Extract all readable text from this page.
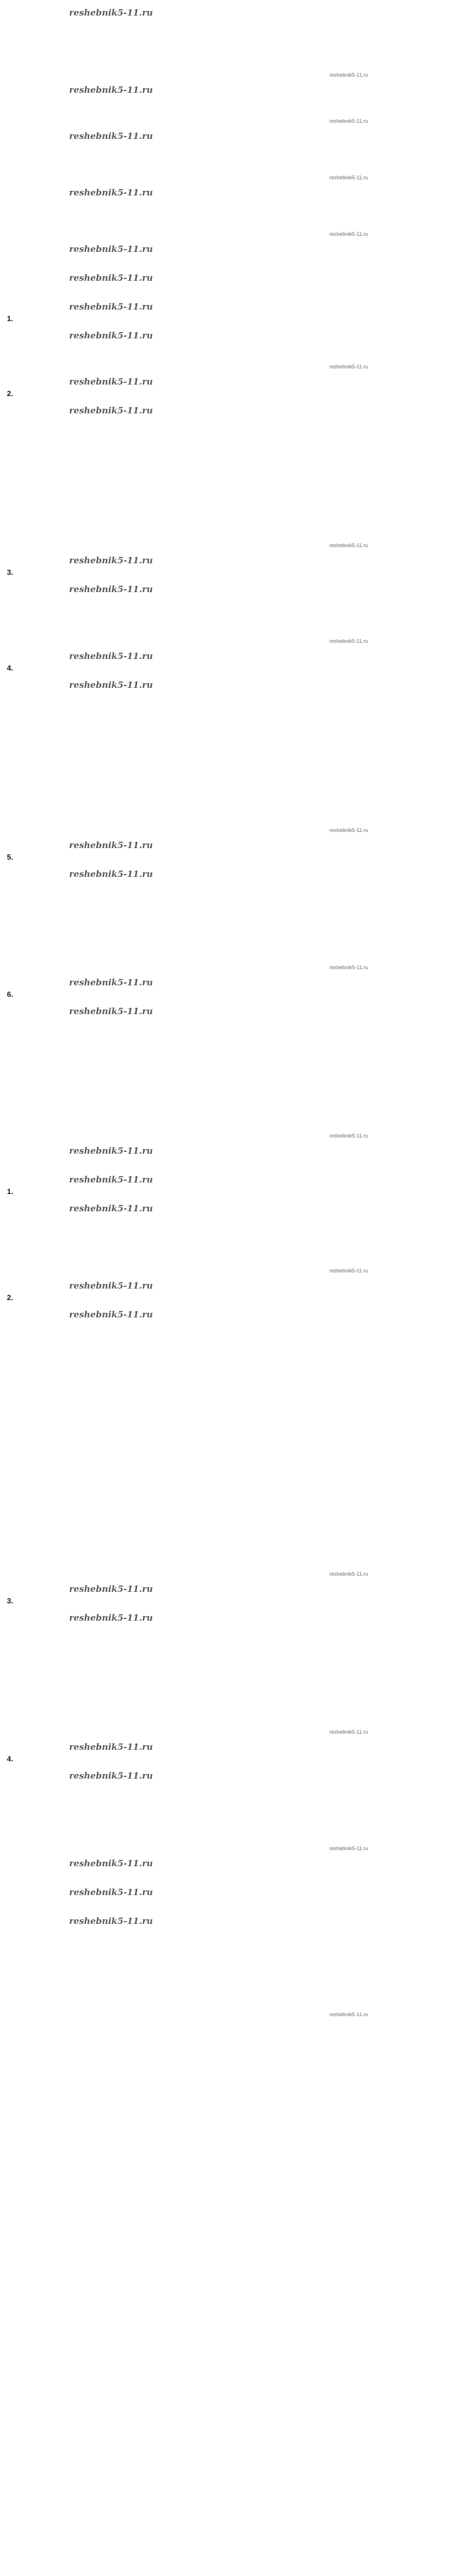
reshebnik5-11.ru
reshebnik5-11.ru
reshebnik5-11.ru
reshebnik5-11.ru
reshebnik5-11.ru
reshebnik5-11.ru
reshebnik5-11.ru
reshebnik5-11.ru
reshebnik5-11.ru
reshebnik5-11.ru
reshebnik5-11.ru
1.
reshebnik5-11.ru
reshebnik5-11.ru
reshebnik5-11.ru
2.
reshebnik5-11.ru
reshebnik5-11.ru
reshebnik5-11.ru
3.
reshebnik5-11.ru
reshebnik5-11.ru
reshebnik5-11.ru
4.
reshebnik5-11.ru
reshebnik5-11.ru
reshebnik5-11.ru
5.
reshebnik5-11.ru
reshebnik5-11.ru
reshebnik5-11.ru
6.
reshebnik5-11.ru
reshebnik5-11.ru
reshebnik5-11.ru
reshebnik5-11.ru
1.
reshebnik5-11.ru
reshebnik5-11.ru
reshebnik5-11.ru
2.
reshebnik5-11.ru
reshebnik5-11.ru
reshebnik5-11.ru
3.
reshebnik5-11.ru
reshebnik5-11.ru
reshebnik5-11.ru
4.
reshebnik5-11.ru
reshebnik5-11.ru
reshebnik5-11.ru
reshebnik5-11.ru
reshebnik5-11.ru
reshebnik5-11.ru
